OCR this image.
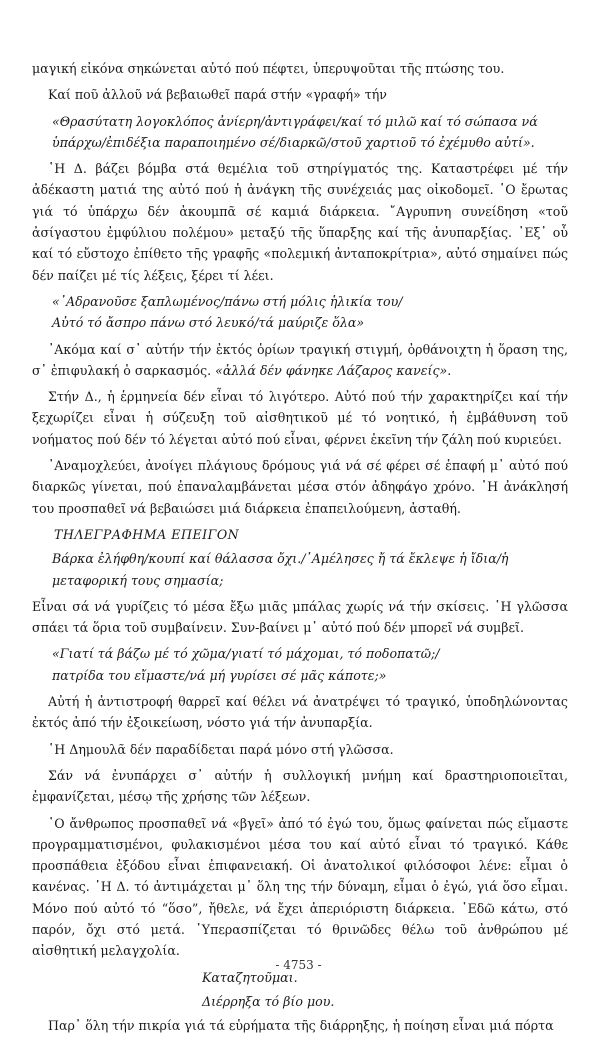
μαγική εἰκόνα σηκώνεται αὐτό πού πέφτει, ὑπερυψοῦται τῆς πτώσης του.

Καί ποῦ ἀλλοῦ νά βεβαιωθεῖ παρά στήν «γραφή» τήν

«Θρασύτατη λογοκλόπος ἀνίερη/ἀντιγράφει/καί τό μιλῶ καί τό σώπασα νά
ὑπάρχω/ἐπιδέξια παραποιημένο σέ/διαρκῶ/στοῦ χαρτιοῦ τό ἐχέμυθο αὐτί».

῾Η Δ. βάζει βόμβα στά θεμέλια τοῦ στηρίγματός της. Καταστρέφει μέ τήν ἀδέκαστη ματιά της αὐτό πού ἡ ἀνάγκη τῆς συνέχειάς μας οἰκοδομεῖ. ῾Ο ἔρωτας γιά τό ὑπάρχω δέν ἀκουμπᾶ σέ καμιά διάρκεια. ῎Αγρυπνη συνείδηση «τοῦ ἀσίγαστου ἐμφύλιου πολέμου» μεταξύ τῆς ὕπαρξης καί τῆς ἀνυπαρξίας. ᾿Εξ᾿ οὗ καί τό εὔστοχο ἐπίθετο τῆς γραφῆς «πολεμική ἀνταποκρίτρια», αὐτό σημαίνει πώς δέν παίζει μέ τίς λέξεις, ξέρει τί λέει.

«᾿Αδρανοῦσε ξαπλωμένος/πάνω στή μόλις ἡλικία του/
Αὐτό τό ἄσπρο πάνω στό λευκό/τά μαύριζε ὅλα»

᾿Ακόμα καί σ᾿ αὐτήν τήν ἐκτός ὁρίων τραγική στιγμή, ὀρθάνοιχτη ἡ ὅραση της, σ᾿ ἐπιφυλακή ὁ σαρκασμός. «ἀλλά δέν φάνηκε Λάζαρος κανείς».

Στήν Δ., ἡ ἑρμηνεία δέν εἶναι τό λιγότερο. Αὐτό πού τήν χαρακτηρίζει καί τήν ξεχωρίζει εἶναι ἡ σύζευξη τοῦ αἰσθητικοῦ μέ τό νοητικό, ἡ ἐμβάθυνση τοῦ νοήματος πού δέν τό λέγεται αὐτό πού εἶναι, φέρνει ἐκεῖνη τήν ζάλη πού κυριεύει.

᾿Αναμοχλεύει, ἀνοίγει πλάγιους δρόμους γιά νά σέ φέρει σέ ἐπαφή μ᾿ αὐτό πού διαρκῶς γίνεται, πού ἐπαναλαμβάνεται μέσα στόν ἀδηφάγο χρόνο. ῾Η ἀνάκλησή του προσπαθεῖ νά βεβαιώσει μιά διάρκεια ἐπαπειλούμενη, ἀσταθή.

ΤΗΛΕΓΡΑΦΗΜΑ ΕΠΕΙΓΟΝ

Βάρκα ἐλήφθη/κουπί καί θάλασσα ὄχι./᾿Αμέλησες ἤ τά ἔκλεψε ἡ ἴδια/ἡ
μεταφορική τους σημασία;

Εἶναι σά νά γυρίζεις τό μέσα ἔξω μιᾶς μπάλας χωρίς νά τήν σκίσεις. ῾Η γλῶσσα σπάει τά ὅρια τοῦ συμβαίνειν. Συν-βαίνει μ᾿ αὐτό πού δέν μπορεῖ νά συμβεῖ.

«Γιατί τά βάζω μέ τό χῶμα/γιατί τό μάχομαι, τό ποδοπατῶ;/
πατρίδα του εἴμαστε/νά μή γυρίσει σέ μᾶς κάποτε;»

Αὐτή ἡ ἀντιστροφή θαρρεῖ καί θέλει νά ἀνατρέψει τό τραγικό, ὑποδηλώνοντας ἐκτός ἀπό τήν ἐξοικείωση, νόστο γιά τήν ἀνυπαρξία.

῾Η Δημουλᾶ δέν παραδίδεται παρά μόνο στή γλῶσσα.

Σάν νά ἐνυπάρχει σ᾿ αὐτήν ἡ συλλογική μνήμη καί δραστηριοποιεῖται, ἐμφανίζεται, μέσῳ τῆς χρήσης τῶν λέξεων.

῾Ο ἄνθρωπος προσπαθεῖ νά «βγεῖ» ἀπό τό ἐγώ του, ὅμως φαίνεται πώς εἴμαστε προγραμματισμένοι, φυλακισμένοι μέσα του καί αὐτό εἶναι τό τραγικό. Κάθε προσπάθεια ἐξόδου εἶναι ἐπιφανειακή. Οἱ ἀνατολικοί φιλόσοφοι λένε: εἶμαι ὁ κανένας. ῾Η Δ. τό ἀντιμάχεται μ᾿ ὅλη της τήν δύναμη, εἶμαι ὁ ἐγώ, γιά ὅσο εἶμαι. Μόνο πού αὐτό τό “ὅσο”, ἤθελε, νά ἔχει ἀπεριόριστη διάρκεια. ᾿Εδῶ κάτω, στό παρόν, ὄχι στό μετά. ῾Υπερασπίζεται τό θρινῶδες θέλω τοῦ ἀνθρώπου μέ αἰσθητική μελαγχολία.

Καταζητοῦμαι.

Διέρρηξα τό βίο μου.

Παρ᾿ ὅλη τήν πικρία γιά τά εὑρήματα τῆς διάρρηξης, ἡ ποίηση εἶναι μιά πόρτα

- 4753 -
